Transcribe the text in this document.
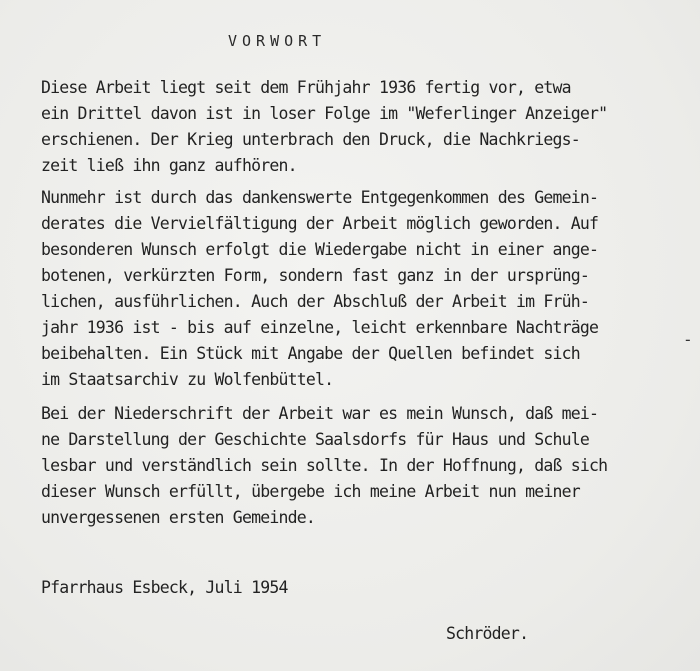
VORWORT
Diese Arbeit liegt seit dem Frühjahr 1936 fertig vor, etwa
ein Drittel davon ist in loser Folge im "Weferlinger Anzeiger"
erschienen. Der Krieg unterbrach den Druck, die Nachkriegs-
zeit ließ ihn ganz aufhören.
Nunmehr ist durch das dankenswerte Entgegenkommen des Gemein-
derates die Vervielfältigung der Arbeit möglich geworden. Auf
besonderen Wunsch erfolgt die Wiedergabe nicht in einer ange-
botenen, verkürzten Form, sondern fast ganz in der ursprüng-
lichen, ausführlichen. Auch der Abschluß der Arbeit im Früh-
jahr 1936 ist - bis auf einzelne, leicht erkennbare Nachträge
beibehalten. Ein Stück mit Angabe der Quellen befindet sich
im Staatsarchiv zu Wolfenbüttel.
-
Bei der Niederschrift der Arbeit war es mein Wunsch, daß mei-
ne Darstellung der Geschichte Saalsdorfs für Haus und Schule
lesbar und verständlich sein sollte. In der Hoffnung, daß sich
dieser Wunsch erfüllt, übergebe ich meine Arbeit nun meiner
unvergessenen ersten Gemeinde.
Pfarrhaus Esbeck, Juli 1954
Schröder.
